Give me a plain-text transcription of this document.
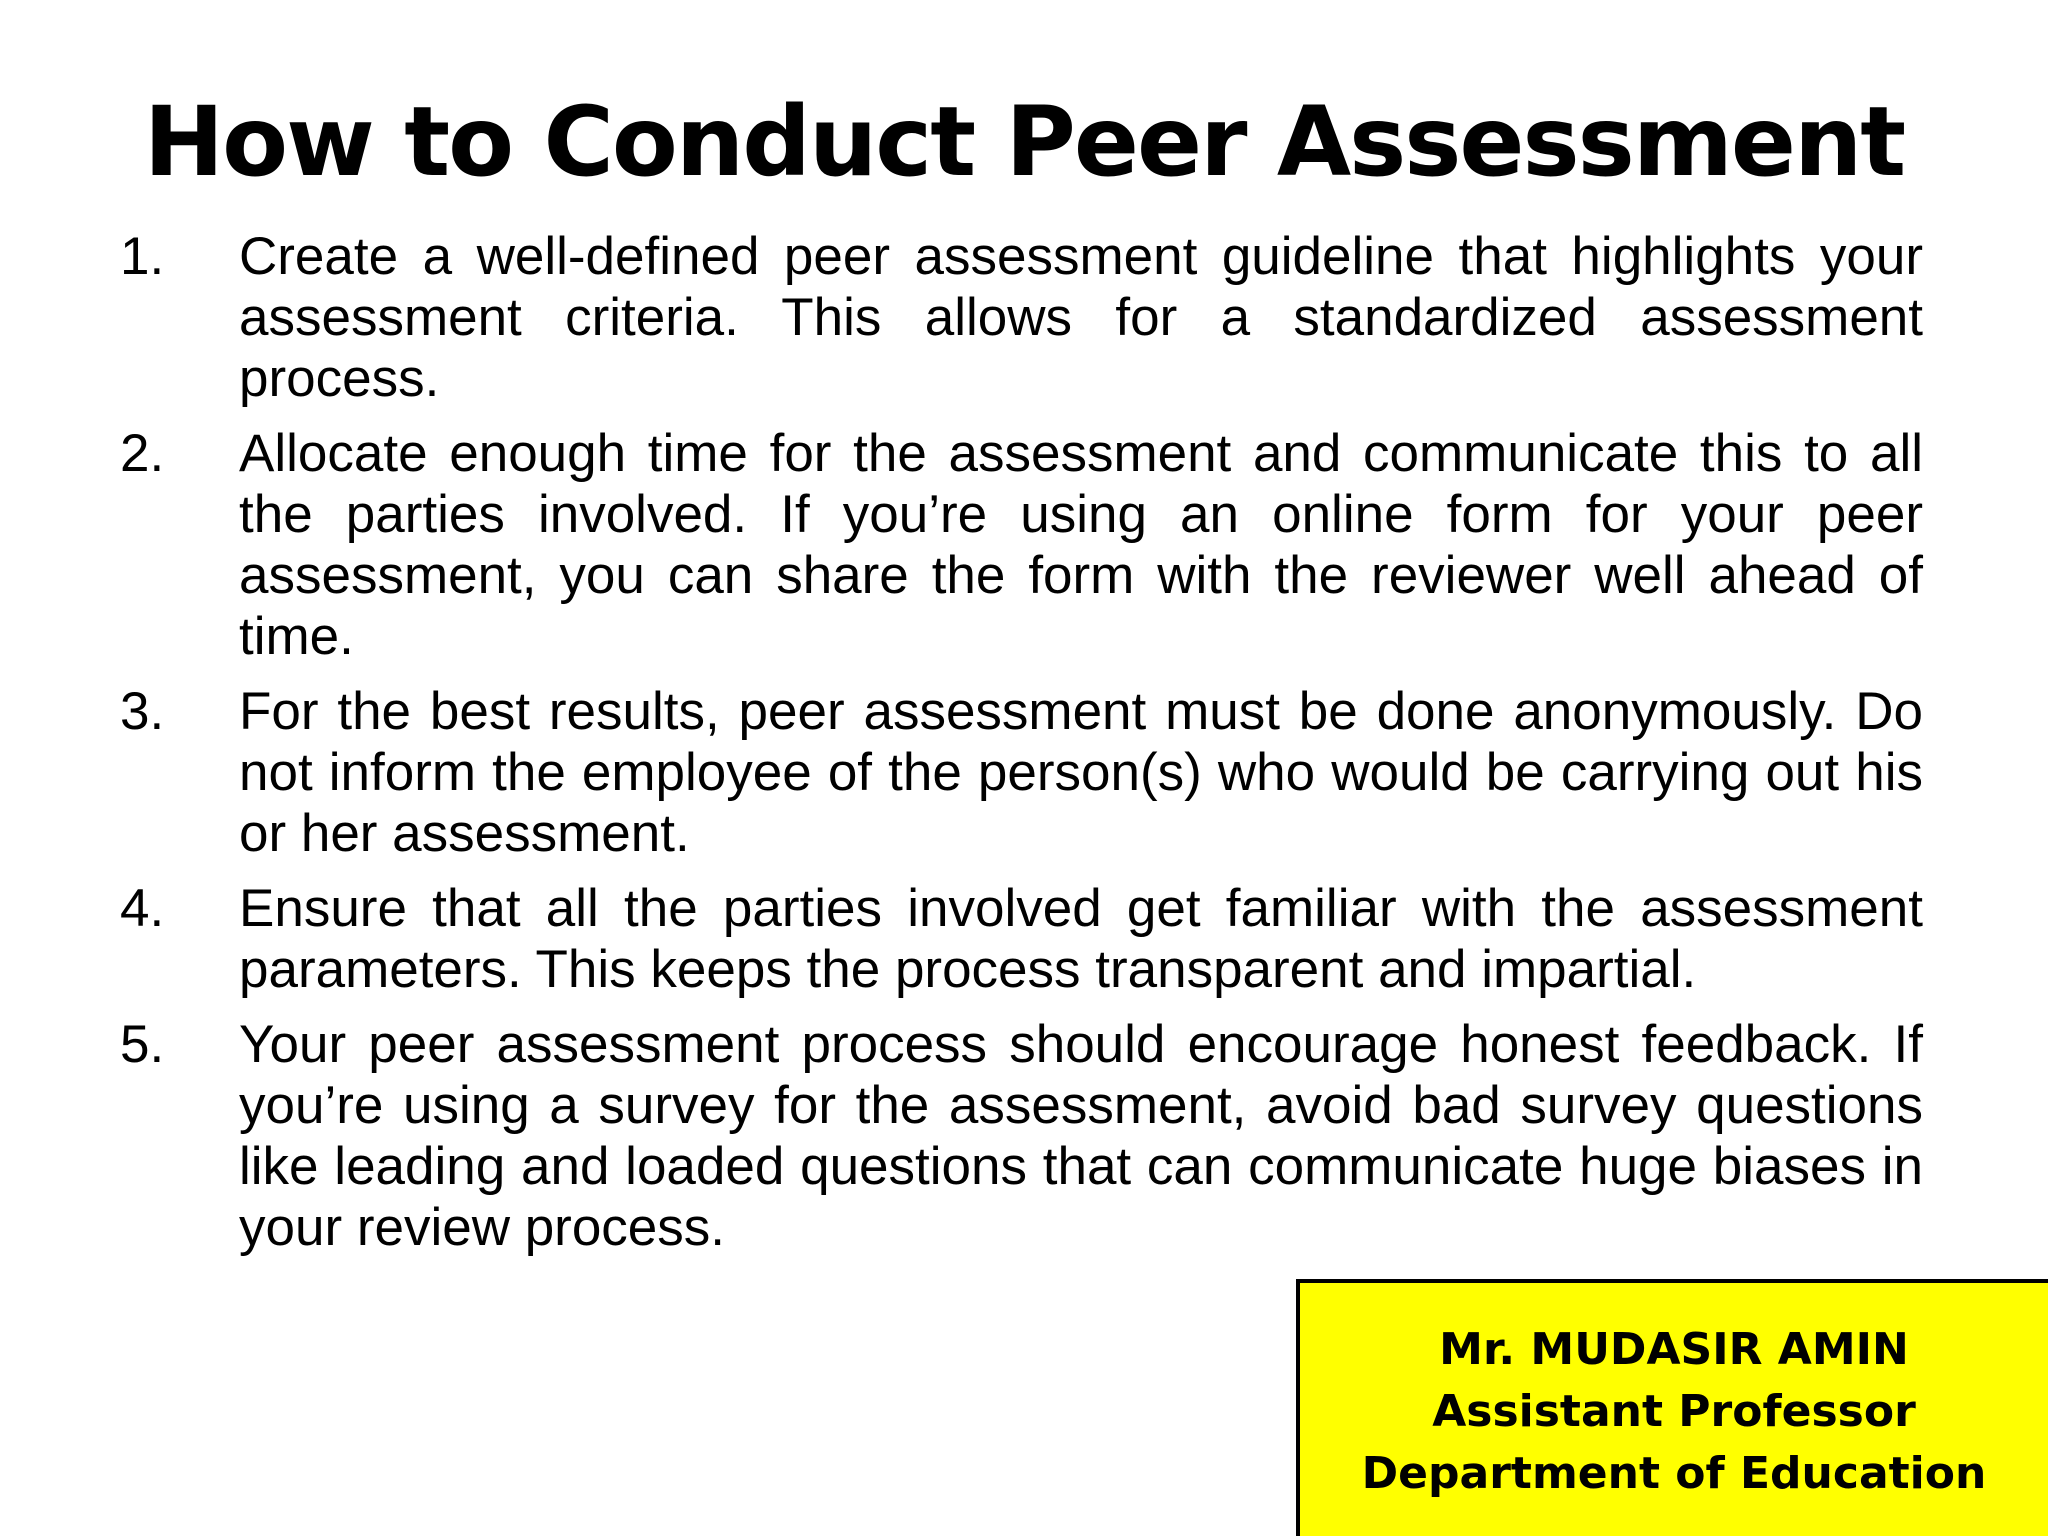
How to Conduct Peer Assessment
1.	Create a well-defined peer assessment guideline that highlights your assessment criteria. This allows for a standardized assessment process.
2.	Allocate enough time for the assessment and communicate this to all the parties involved. If you’re using an online form for your peer assessment, you can share the form with the reviewer well ahead of time.
3.	For the best results, peer assessment must be done anonymously. Do not inform the employee of the person(s) who would be carrying out his or her assessment.
4.	Ensure that all the parties involved get familiar with the assessment parameters. This keeps the process transparent and impartial.
5.	Your peer assessment process should encourage honest feedback. If you’re using a survey for the assessment, avoid bad survey questions like leading and loaded questions that can communicate huge biases in your review process.
Mr. MUDASIR AMIN
Assistant Professor
Department of Education
